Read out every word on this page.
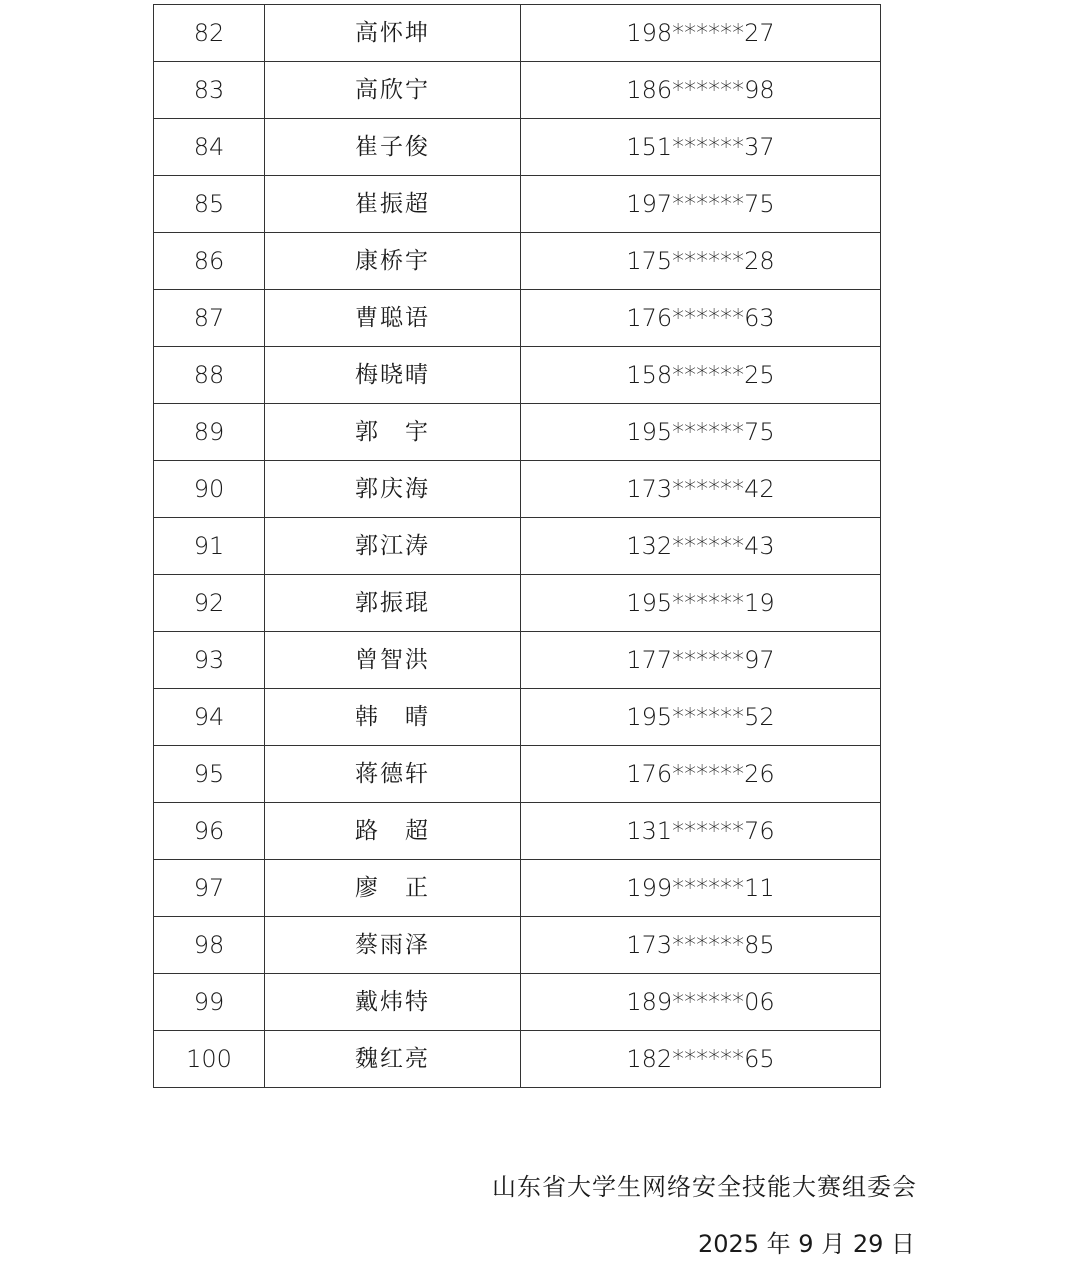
82	高怀坤	198******27
83	高欣宁	186******98
84	崔子俊	151******37
85	崔振超	197******75
86	康桥宇	175******28
87	曹聪语	176******63
88	梅晓晴	158******25
89	郭　宇	195******75
90	郭庆海	173******42
91	郭江涛	132******43
92	郭振琨	195******19
93	曾智洪	177******97
94	韩　晴	195******52
95	蒋德轩	176******26
96	路　超	131******76
97	廖　正	199******11
98	蔡雨泽	173******85
99	戴炜特	189******06
100	魏红亮	182******65
山东省大学生网络安全技能大赛组委会
2025 年 9 月 29 日
